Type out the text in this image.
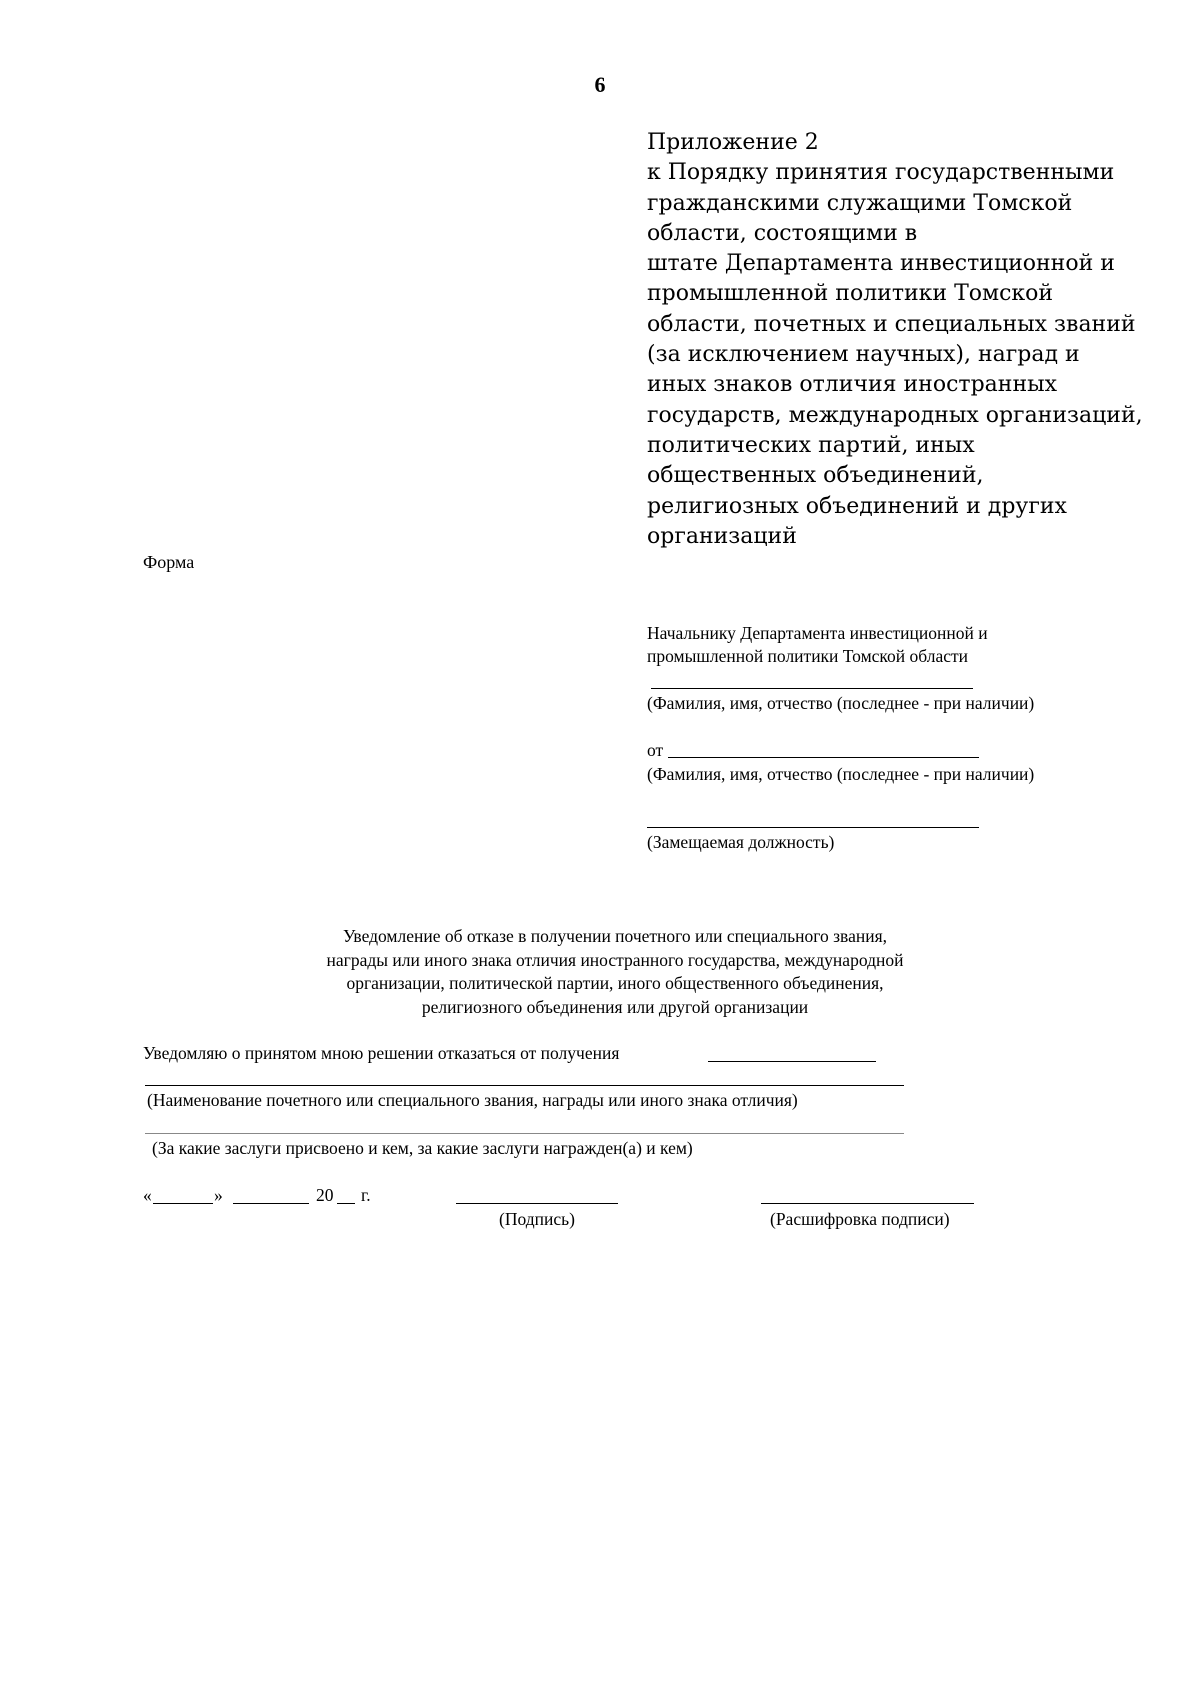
6
Приложение 2
к Порядку принятия государственными
гражданскими служащими Томской
области, состоящими в
штате Департамента инвестиционной и
промышленной политики Томской
области, почетных и специальных званий
(за исключением научных), наград и
иных знаков отличия иностранных
государств, международных организаций,
политических партий, иных
общественных объединений,
религиозных объединений и других
организаций
Форма
Начальнику Департамента инвестиционной и
промышленной политики Томской области
(Фамилия, имя, отчество (последнее - при наличии)
от
(Фамилия, имя, отчество (последнее - при наличии)
(Замещаемая должность)
Уведомление об отказе в получении почетного или специального звания,
награды или иного знака отличия иностранного государства, международной
организации, политической партии, иного общественного объединения,
религиозного объединения или другой организации
Уведомляю о принятом мною решении отказаться от получения
(Наименование почетного или специального звания, награды или иного знака отличия)
(За какие заслуги присвоено и кем, за какие заслуги награжден(а) и кем)
«	»	20 г.
(Подпись)	(Расшифровка подписи)
